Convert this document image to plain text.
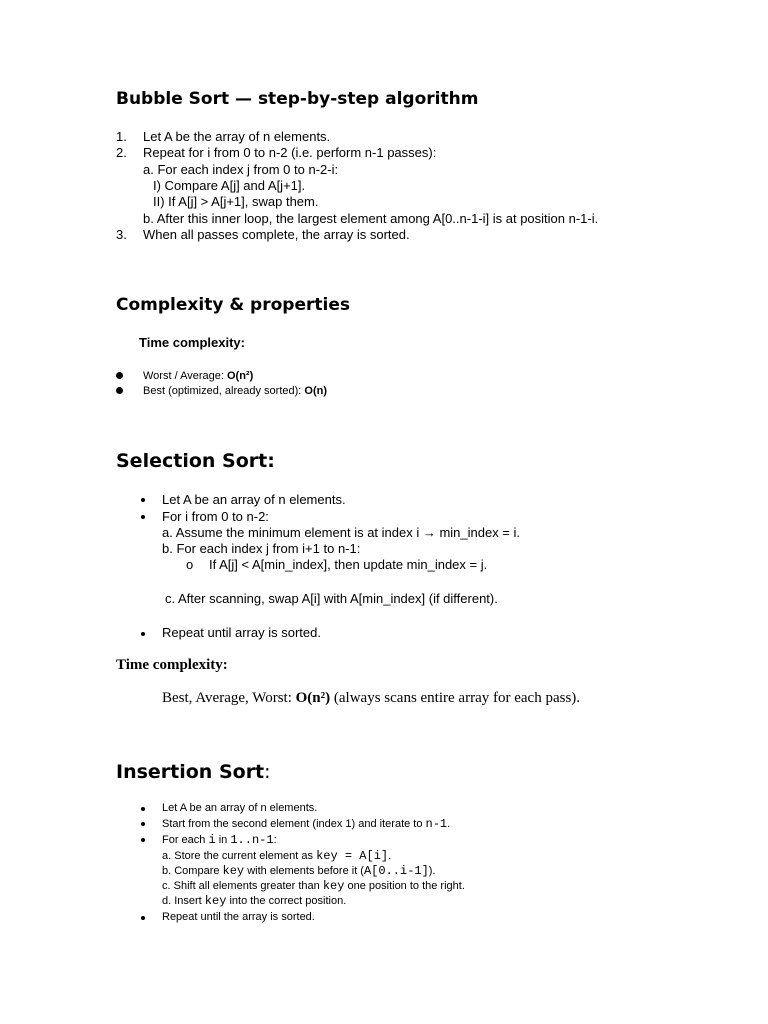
Bubble Sort — step-by-step algorithm
1. Let A be the array of n elements.
2. Repeat for i from 0 to n-2 (i.e. perform n-1 passes):
a. For each index j from 0 to n-2-i:
I) Compare A[j] and A[j+1].
II) If A[j] > A[j+1], swap them.
b. After this inner loop, the largest element among A[0..n-1-i] is at position n-1-i.
3. When all passes complete, the array is sorted.
Complexity & properties
Time complexity:
Worst / Average: O(n²)
Best (optimized, already sorted): O(n)
Selection Sort:
Let A be an array of n elements.
For i from 0 to n-2:
a. Assume the minimum element is at index i → min_index = i.
b. For each index j from i+1 to n-1:
o If A[j] < A[min_index], then update min_index = j.
c. After scanning, swap A[i] with A[min_index] (if different).
Repeat until array is sorted.
Time complexity:
Best, Average, Worst: O(n²) (always scans entire array for each pass).
Insertion Sort:
Let A be an array of n elements.
Start from the second element (index 1) and iterate to n-1.
For each i in 1..n-1:
a. Store the current element as key = A[i].
b. Compare key with elements before it (A[0..i-1]).
c. Shift all elements greater than key one position to the right.
d. Insert key into the correct position.
Repeat until the array is sorted.
